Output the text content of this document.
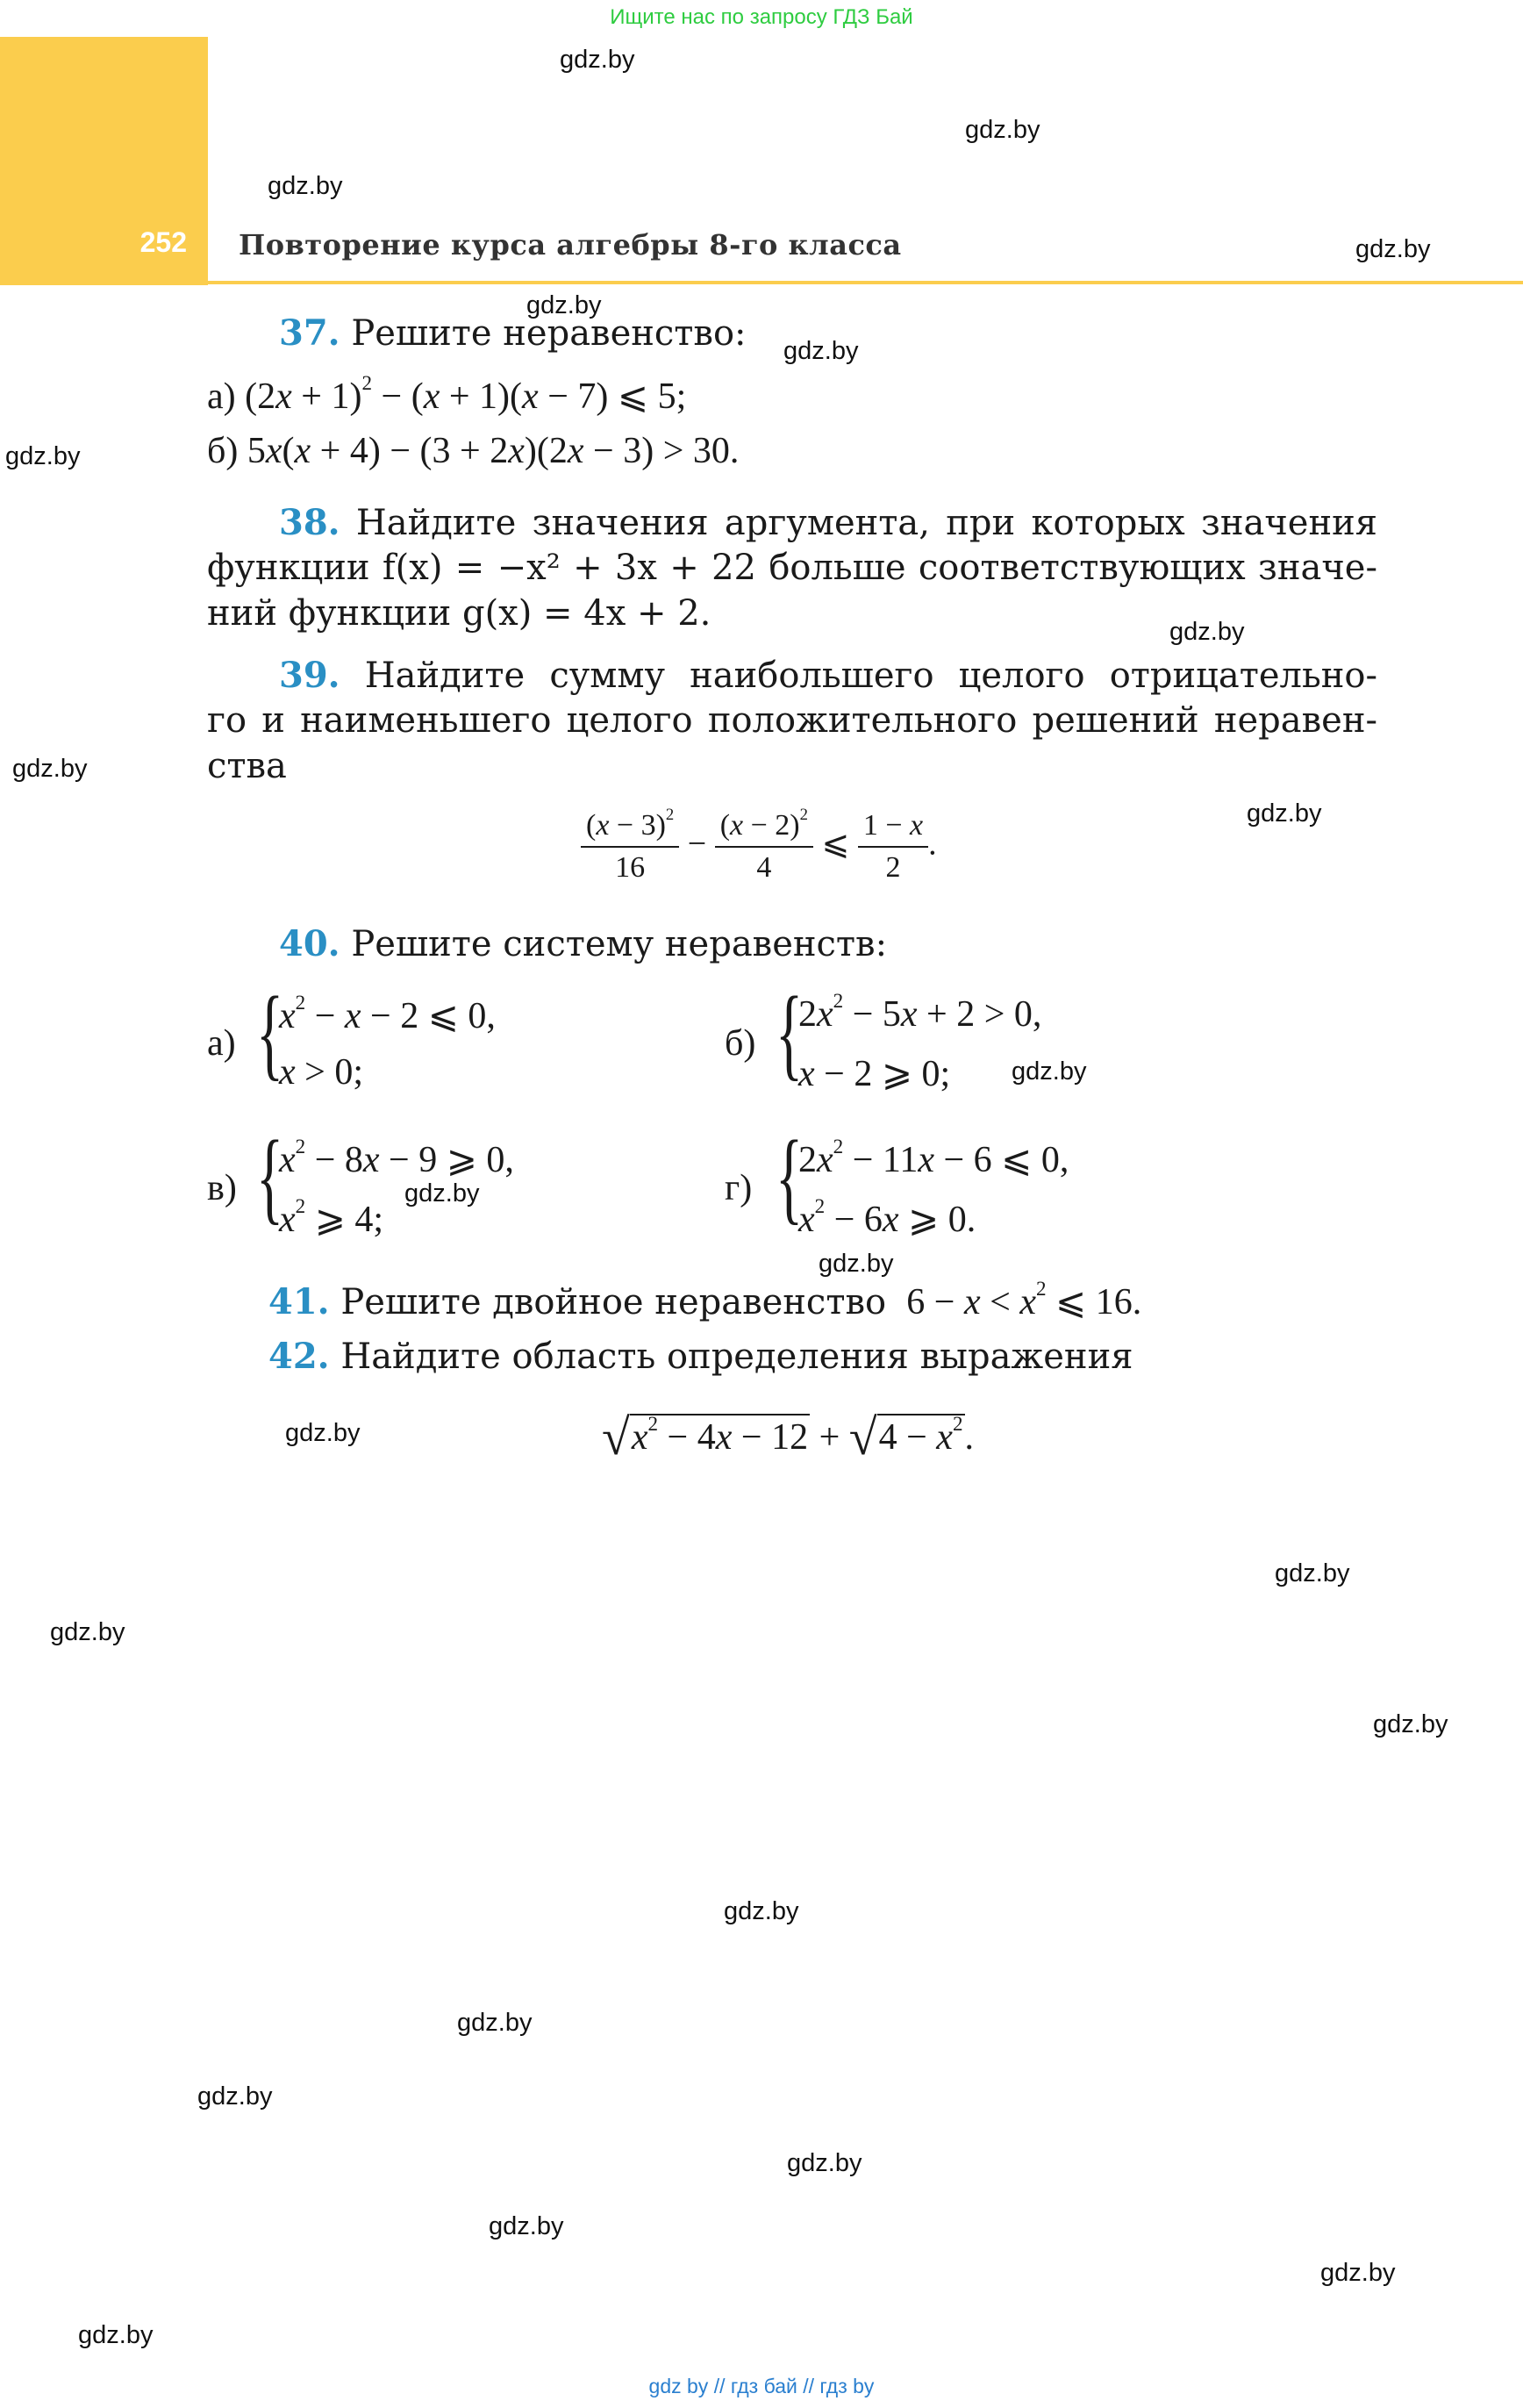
Ищите нас по запросу ГДЗ Бай
252	Повторение курса алгебры 8-го класса
gdz.by
gdz.by
gdz.by
gdz.by
gdz.by
gdz.by
gdz.by
gdz.by
gdz.by
gdz.by
gdz.by
gdz.by
gdz.by
gdz.by
gdz.by
gdz.by
gdz.by
gdz.by
gdz.by
gdz.by
gdz.by
gdz.by
gdz.by
gdz.by
37. Решите неравенство:
а) $(2x + 1)^2 - (x + 1)(x - 7)$ ⩽ 5;
б) 5x(x + 4) − (3 + 2x)(2x − 3) > 30.
38. Найдите значения аргумента, при которых значения
функции f(x) = −x² + 3x + 22 больше соответствующих значе-
ний функции g(x) = 4x + 2.
39. Найдите сумму наибольшего целого отрицательно-
го и наименьшего целого положительного решений неравен-
ства
$\frac{(x - 3)^2}{16} - \frac{(x - 2)^2}{4}$ ⩽ $\frac{1 - x}{2}$ .
40. Решите систему неравенств:
а) {
$x^2 - x - 2$ ⩽ 0,
x > 0;
б) {
$2x^2 - 5x + 2 > 0$,
x − 2 ⩾ 0;
в) {
$x^2 - 8x - 9$ ⩾ 0,
$x^2$ ⩾ 4;
г) {
$2x^2 - 11x - 6$ ⩽ 0,
$x^2 - 6x$ ⩾ 0.
41. Решите двойное неравенство  $6 - x < x^2$ ⩽ 16.
42. Найдите область определения выражения
$√x^2 - 4x - 12 + √4 - x^2$.
gdz by // гдз бай // гдз by
